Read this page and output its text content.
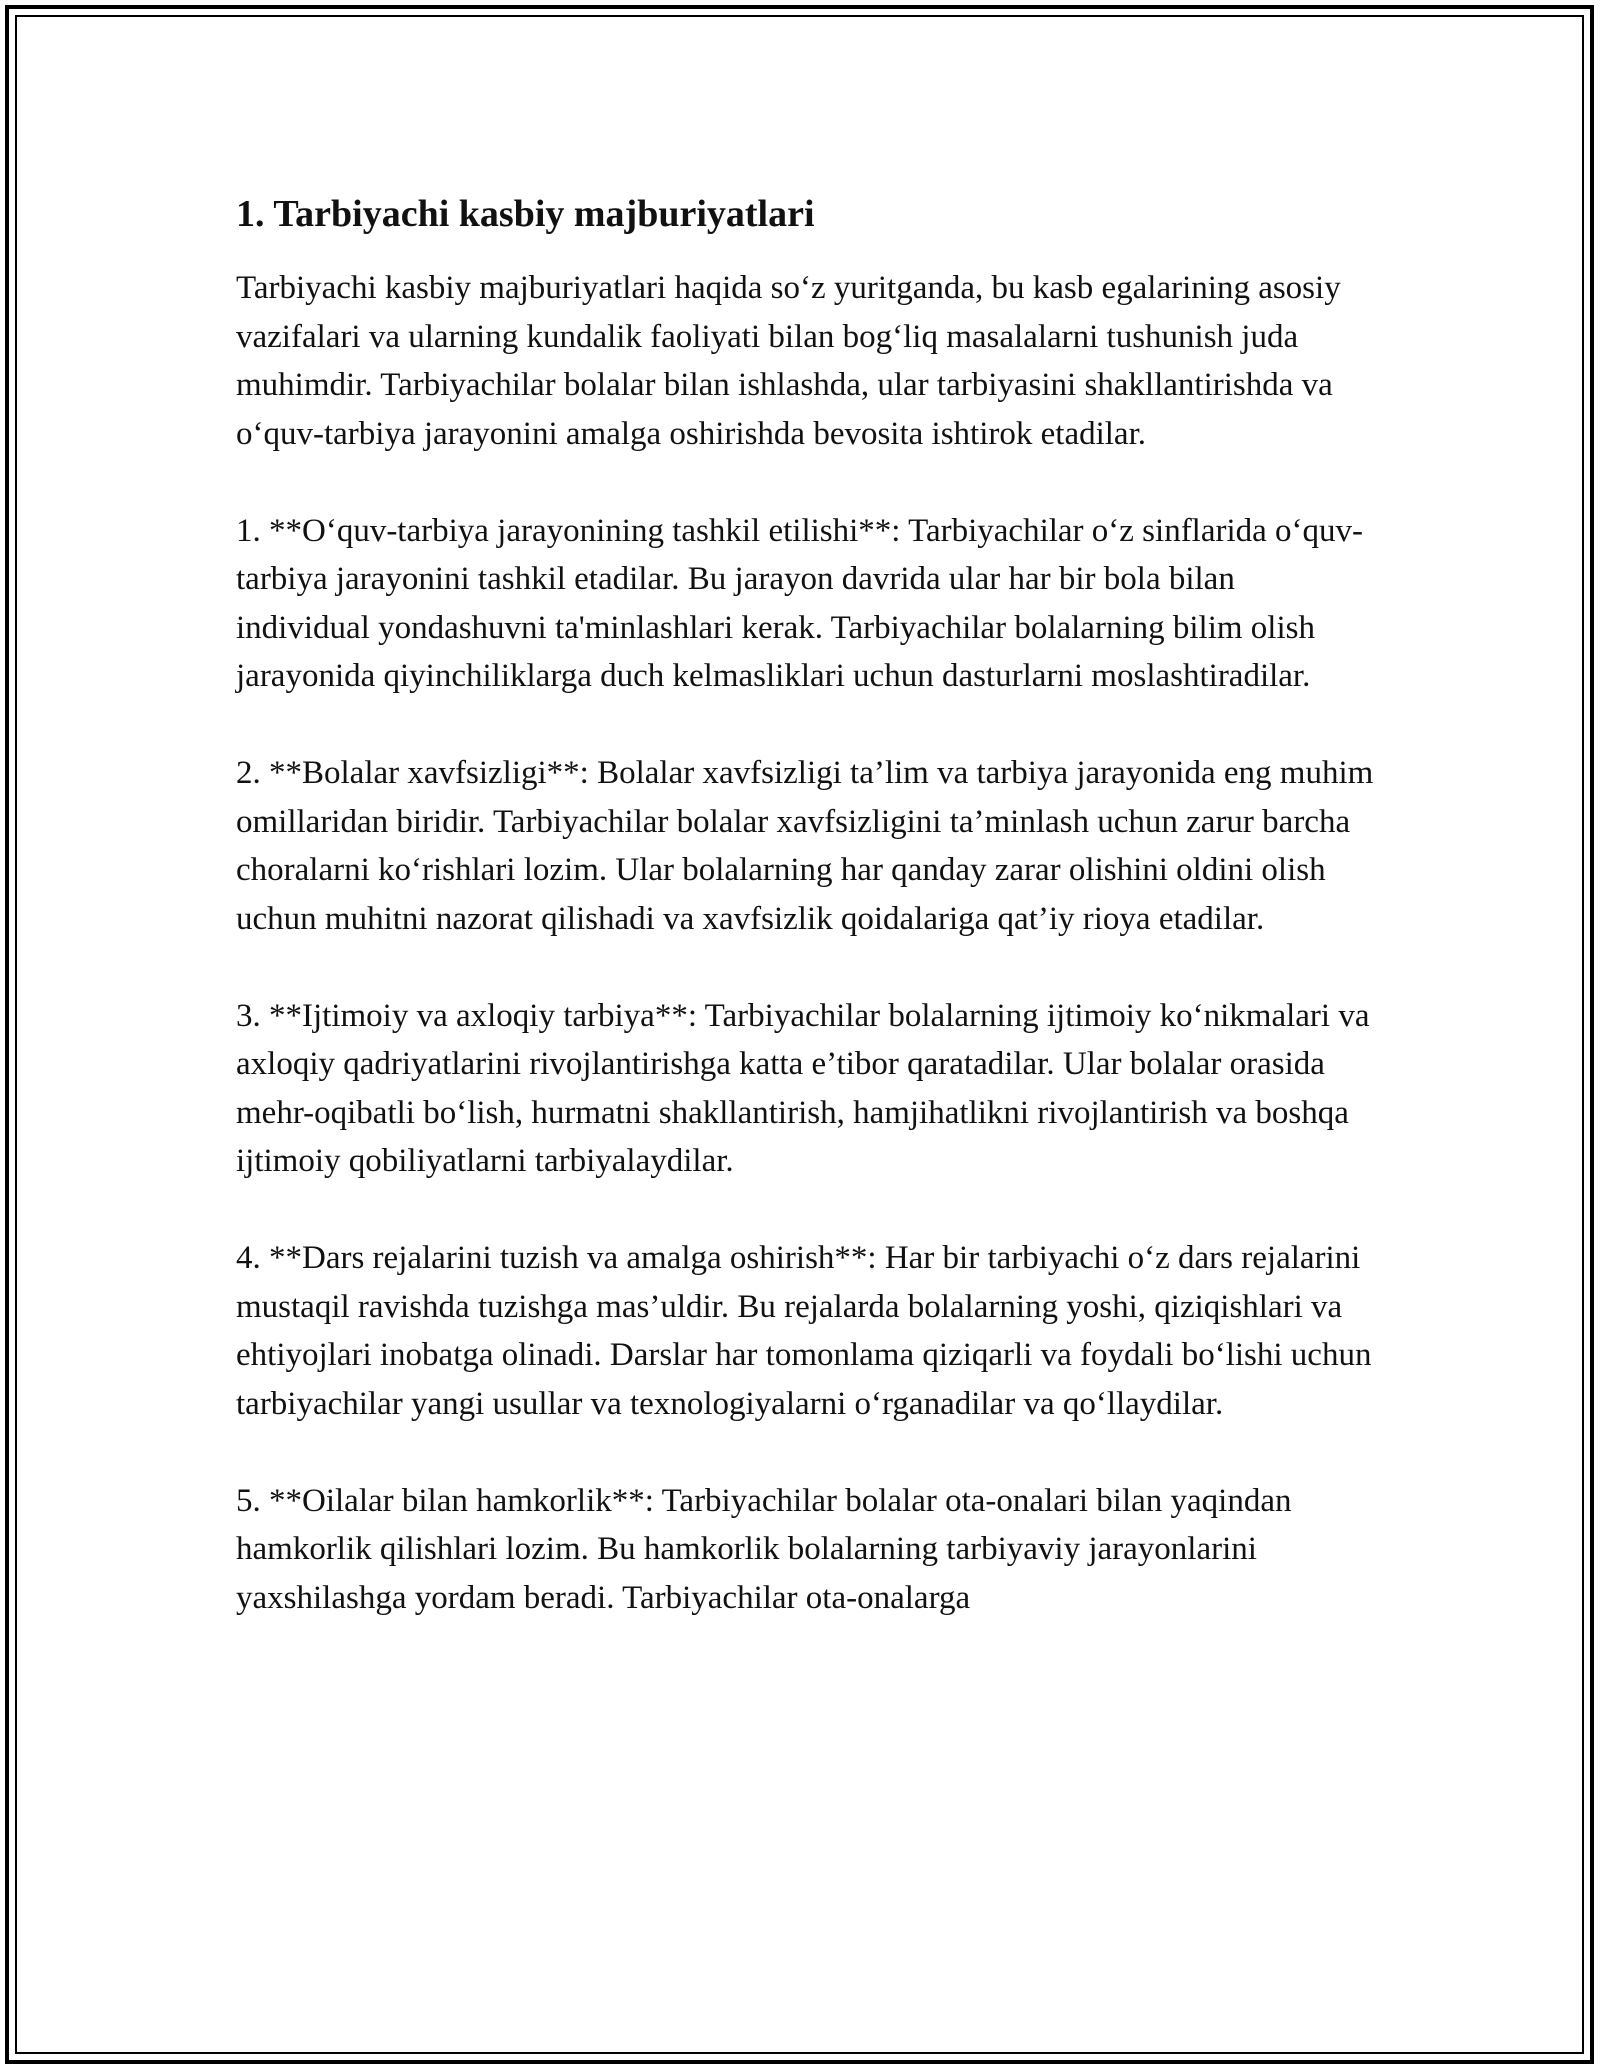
1. Tarbiyachi kasbiy majburiyatlari

Tarbiyachi kasbiy majburiyatlari haqida so‘z yuritganda, bu kasb egalarining asosiy vazifalari va ularning kundalik faoliyati bilan bog‘liq masalalarni tushunish juda muhimdir. Tarbiyachilar bolalar bilan ishlashda, ular tarbiyasini shakllantirishda va o‘quv-tarbiya jarayonini amalga oshirishda bevosita ishtirok etadilar.

1. **O‘quv-tarbiya jarayonining tashkil etilishi**: Tarbiyachilar o‘z sinflarida o‘quv-tarbiya jarayonini tashkil etadilar. Bu jarayon davrida ular har bir bola bilan individual yondashuvni ta'minlashlari kerak. Tarbiyachilar bolalarning bilim olish jarayonida qiyinchiliklarga duch kelmasliklari uchun dasturlarni moslashtiradilar.

2. **Bolalar xavfsizligi**: Bolalar xavfsizligi ta’lim va tarbiya jarayonida eng muhim omillaridan biridir. Tarbiyachilar bolalar xavfsizligini ta’minlash uchun zarur barcha choralarni ko‘rishlari lozim. Ular bolalarning har qanday zarar olishini oldini olish uchun muhitni nazorat qilishadi va xavfsizlik qoidalariga qat’iy rioya etadilar.

3. **Ijtimoiy va axloqiy tarbiya**: Tarbiyachilar bolalarning ijtimoiy ko‘nikmalari va axloqiy qadriyatlarini rivojlantirishga katta e’tibor qaratadilar. Ular bolalar orasida mehr-oqibatli bo‘lish, hurmatni shakllantirish, hamjihatlikni rivojlantirish va boshqa ijtimoiy qobiliyatlarni tarbiyalaydilar.

4. **Dars rejalarini tuzish va amalga oshirish**: Har bir tarbiyachi o‘z dars rejalarini mustaqil ravishda tuzishga mas’uldir. Bu rejalarda bolalarning yoshi, qiziqishlari va ehtiyojlari inobatga olinadi. Darslar har tomonlama qiziqarli va foydali bo‘lishi uchun tarbiyachilar yangi usullar va texnologiyalarni o‘rganadilar va qo‘llaydilar.

5. **Oilalar bilan hamkorlik**: Tarbiyachilar bolalar ota-onalari bilan yaqindan hamkorlik qilishlari lozim. Bu hamkorlik bolalarning tarbiyaviy jarayonlarini yaxshilashga yordam beradi. Tarbiyachilar ota-onalarga
